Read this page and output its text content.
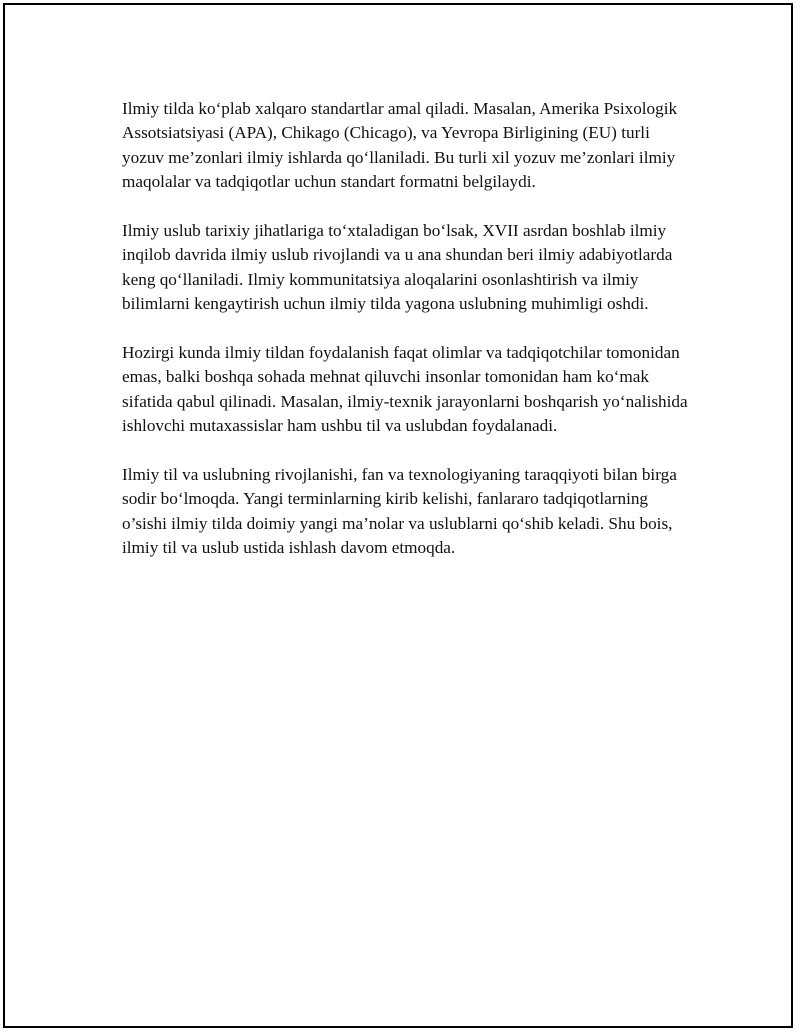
Ilmiy tilda ko‘plab xalqaro standartlar amal qiladi. Masalan, Amerika Psixologik Assotsiatsiyasi (APA), Chikago (Chicago), va Yevropa Birligining (EU) turli yozuv me’zonlari ilmiy ishlarda qo‘llaniladi. Bu turli xil yozuv me’zonlari ilmiy maqolalar va tadqiqotlar uchun standart formatni belgilaydi.

Ilmiy uslub tarixiy jihatlariga to‘xtaladigan bo‘lsak, XVII asrdan boshlab ilmiy inqilob davrida ilmiy uslub rivojlandi va u ana shundan beri ilmiy adabiyotlarda keng qo‘llaniladi. Ilmiy kommunitatsiya aloqalarini osonlashtirish va ilmiy bilimlarni kengaytirish uchun ilmiy tilda yagona uslubning muhimligi oshdi.

Hozirgi kunda ilmiy tildan foydalanish faqat olimlar va tadqiqotchilar tomonidan emas, balki boshqa sohada mehnat qiluvchi insonlar tomonidan ham ko‘mak sifatida qabul qilinadi. Masalan, ilmiy-texnik jarayonlarni boshqarish yo‘nalishida ishlovchi mutaxassislar ham ushbu til va uslubdan foydalanadi.

Ilmiy til va uslubning rivojlanishi, fan va texnologiyaning taraqqiyoti bilan birga sodir bo‘lmoqda. Yangi terminlarning kirib kelishi, fanlararo tadqiqotlarning o’sishi ilmiy tilda doimiy yangi ma’nolar va uslublarni qo‘shib keladi. Shu bois, ilmiy til va uslub ustida ishlash davom etmoqda.
